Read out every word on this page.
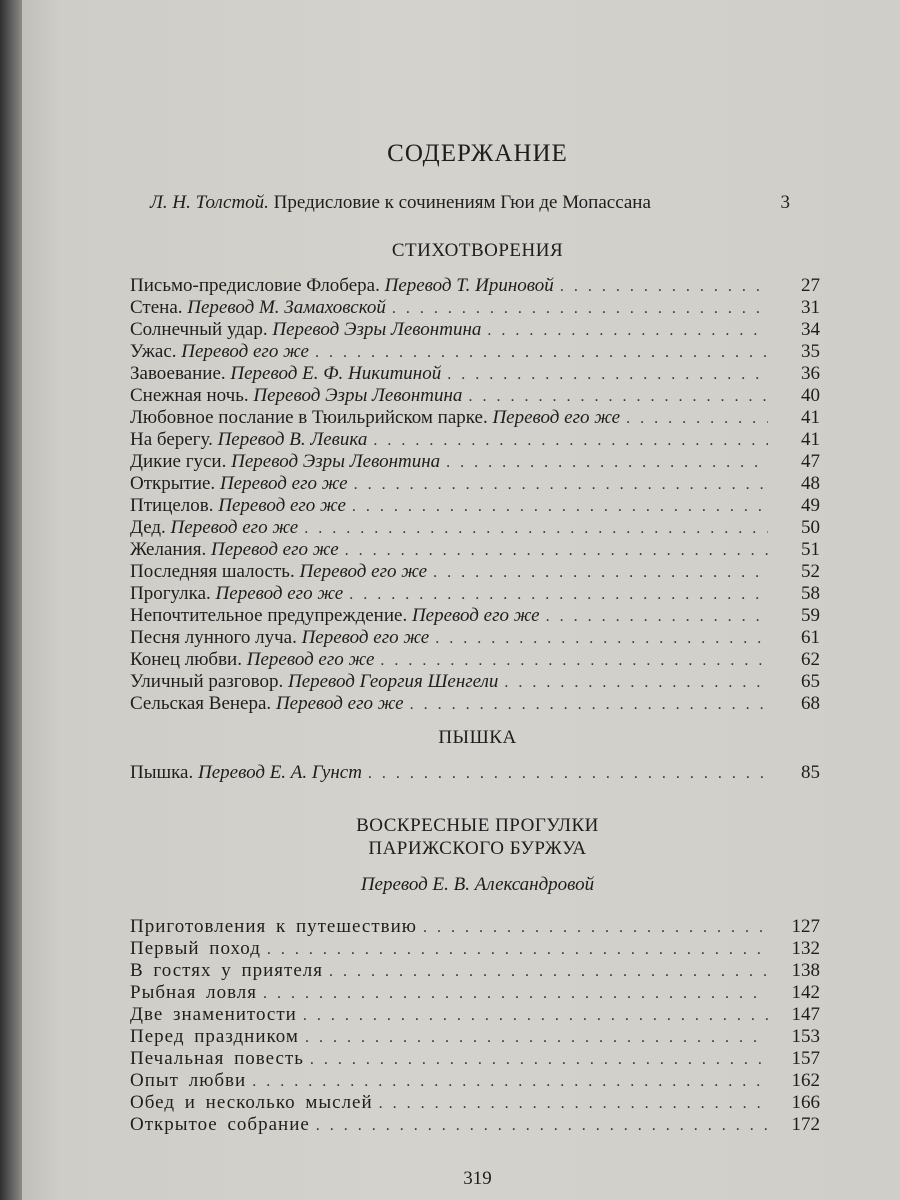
СОДЕРЖАНИЕ
Л. Н. Толстой. Предисловие к сочинениям Гюи де Мопассана	3
СТИХОТВОРЕНИЯ
Письмо-предисловие Флобера. Перевод Т. Ириновой . . .	27
Стена. Перевод М. Замаховской . . .	31
Солнечный удар. Перевод Эзры Левонтина . . .	34
Ужас. Перевод его же . . .	35
Завоевание. Перевод Е. Ф. Никитиной . . .	36
Снежная ночь. Перевод Эзры Левонтина . . .	40
Любовное послание в Тюильрийском парке. Перевод его же . . .	41
На берегу. Перевод В. Левика . . .	41
Дикие гуси. Перевод Эзры Левонтина . . .	47
Открытие. Перевод его же . . .	48
Птицелов. Перевод его же . . .	49
Дед. Перевод его же . . .	50
Желания. Перевод его же . . .	51
Последняя шалость. Перевод его же . . .	52
Прогулка. Перевод его же . . .	58
Непочтительное предупреждение. Перевод его же . . .	59
Песня лунного луча. Перевод его же . . .	61
Конец любви. Перевод его же . . .	62
Уличный разговор. Перевод Георгия Шенгели . . .	65
Сельская Венера. Перевод его же . . .	68
ПЫШКА
Пышка. Перевод Е. А. Гунст . . .	85
ВОСКРЕСНЫЕ ПРОГУЛКИ
ПАРИЖСКОГО БУРЖУА
Перевод Е. В. Александровой
Приготовления к путешествию . . .	127
Первый поход . . .	132
В гостях у приятеля . . .	138
Рыбная ловля . . .	142
Две знаменитости . . .	147
Перед праздником . . .	153
Печальная повесть . . .	157
Опыт любви . . .	162
Обед и несколько мыслей . . .	166
Открытое собрание . . .	172
319
